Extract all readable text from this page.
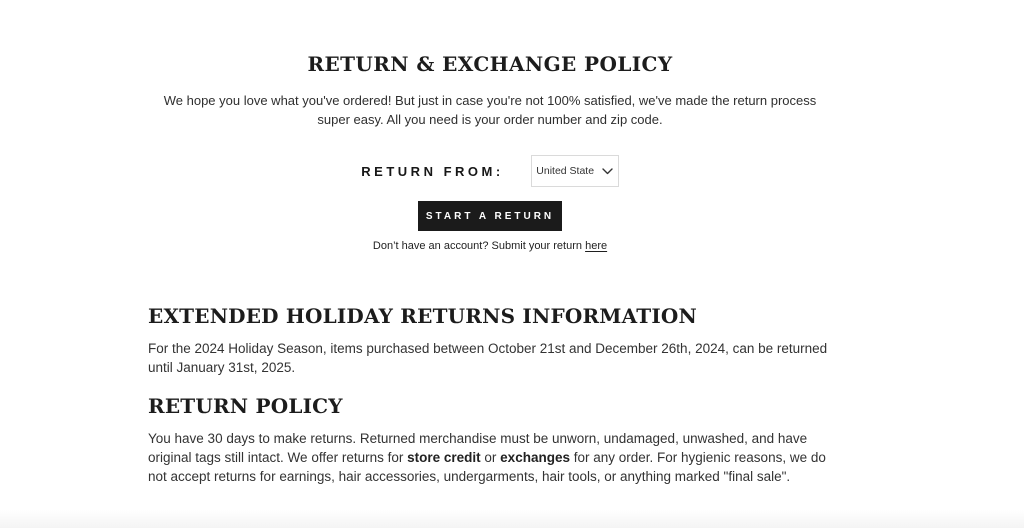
RETURN & EXCHANGE POLICY

We hope you love what you've ordered! But just in case you're not 100% satisfied, we've made the return process super easy. All you need is your order number and zip code.

RETURN FROM:	United State
START A RETURN

Don’t have an account? Submit your return here

EXTENDED HOLIDAY RETURNS INFORMATION

For the 2024 Holiday Season, items purchased between October 21st and December 26th, 2024, can be returned until January 31st, 2025.

RETURN POLICY

You have 30 days to make returns. Returned merchandise must be unworn, undamaged, unwashed, and have original tags still intact. We offer returns for store credit or exchanges for any order. For hygienic reasons, we do not accept returns for earnings, hair accessories, undergarments, hair tools, or anything marked "final sale".
